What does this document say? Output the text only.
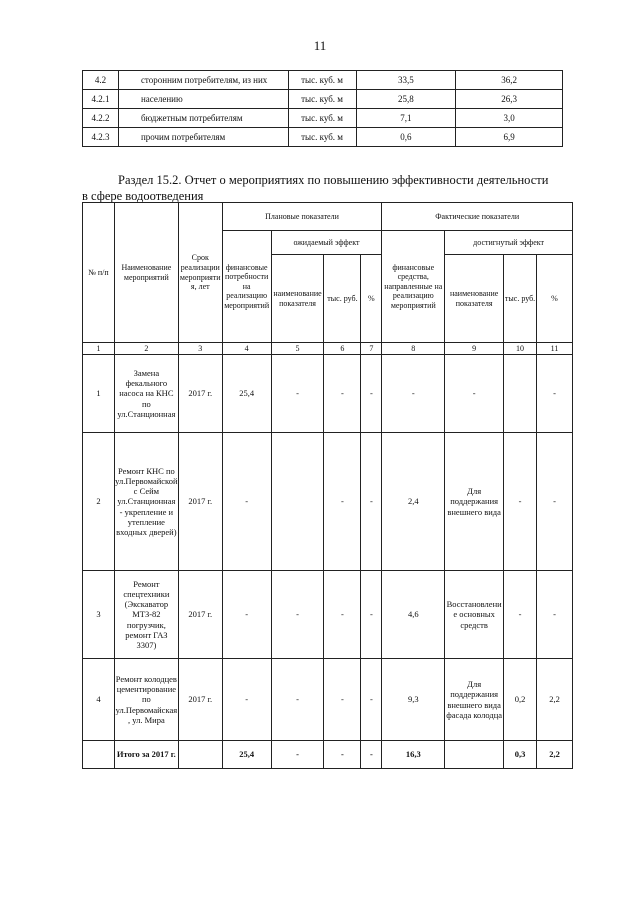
11
4.2	сторонним потребителям, из них	тыс. куб. м	33,5	36,2
4.2.1	населению	тыс. куб. м	25,8	26,3
4.2.2	бюджетным потребителям	тыс. куб. м	7,1	3,0
4.2.3	прочим потребителям	тыс. куб. м	0,6	6,9
Раздел 15.2. Отчет о мероприятиях по повышению эффективности деятельности
в сфере водоотведения
№ п/п	Наименование мероприятий	Срок реализации мероприятия, лет	Плановые показатели				Фактические показатели			
			финансовые потребности на реализацию мероприятий	ожидаемый эффект			финансовые средства, направленные на реализацию мероприятий	достигнутый эффект		
				наименование показателя	тыс. руб.	%		наименование показателя	тыс. руб.	%
1	2	3	4	5	6	7	8	9	10	11
1	Замена фекального насоса на КНС по ул.Станционная	2017 г.	25,4	-	-	-	-	-		-
2	Ремонт КНС по ул.Первомайской с Сейм ул.Станционная - укрепление и утепление входных дверей)	2017 г.	-		-	-	2,4	Для поддержания внешнего вида	-	-
3	Ремонт спецтехники (Экскаватор МТЗ-82 погрузчик, ремонт ГАЗ 3307)	2017 г.	-	-	-	-	4,6	Восстановление основных средств	-	-
4	Ремонт колодцев цементирование по ул.Первомайская, ул. Мира	2017 г.	-	-	-	-	9,3	Для поддержания внешнего вида фасада колодца	0,2	2,2
	Итого за 2017 г.		25,4	-	-	-	16,3		0,3	2,2
